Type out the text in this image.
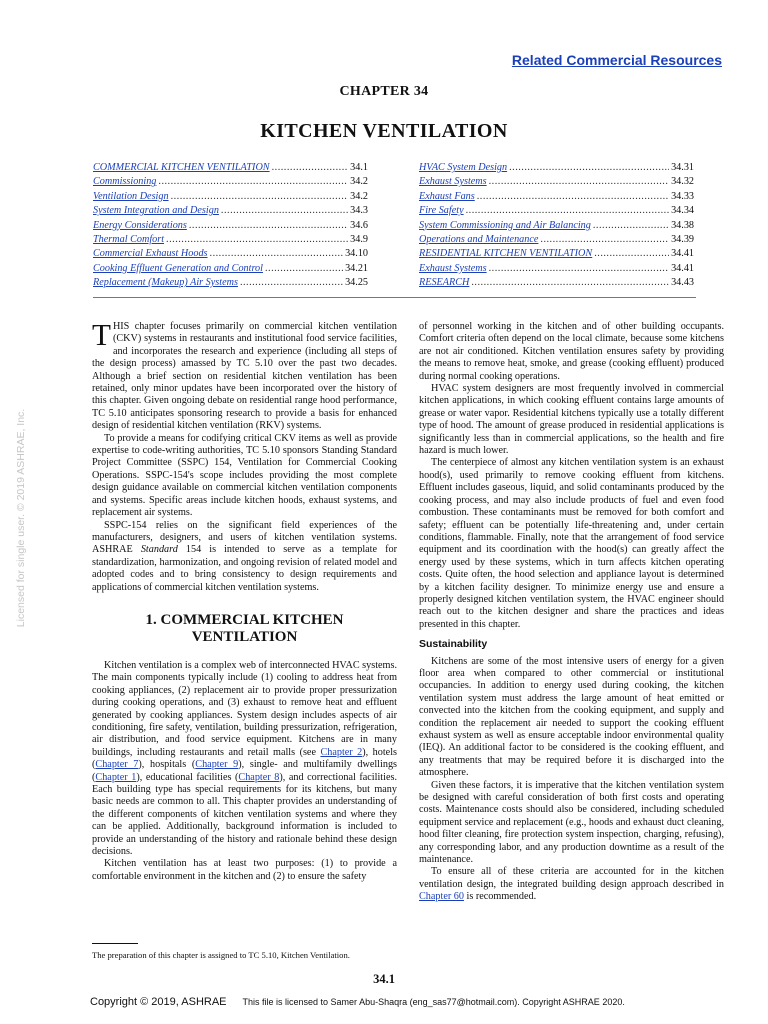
Related Commercial Resources
CHAPTER 34
KITCHEN VENTILATION
COMMERCIAL KITCHEN VENTILATION .....	34.1
Commissioning .....	34.2
Ventilation Design .....	34.2
System Integration and Design .....	34.3
Energy Considerations .....	34.6
Thermal Comfort .....	34.9
Commercial Exhaust Hoods .....	34.10
Cooking Effluent Generation and Control .....	34.21
Replacement (Makeup) Air Systems .....	34.25
HVAC System Design .....	34.31
Exhaust Systems .....	34.32
Exhaust Fans .....	34.33
Fire Safety .....	34.34
System Commissioning and Air Balancing .....	34.38
Operations and Maintenance .....	34.39
RESIDENTIAL KITCHEN VENTILATION .....	34.41
Exhaust Systems .....	34.41
RESEARCH .....	34.43

THIS chapter focuses primarily on commercial kitchen ventilation (CKV) systems in restaurants and institutional food service facilities, and incorporates the research and experience (including all steps of the design process) amassed by TC 5.10 over the past two decades. Although a brief section on residential kitchen ventilation has been retained, only minor updates have been incorporated over the history of this chapter. Given ongoing debate on residential range hood performance, TC 5.10 anticipates sponsoring research to provide a basis for enhanced design of residential kitchen ventilation (RKV) systems.

To provide a means for codifying critical CKV items as well as provide expertise to code-writing authorities, TC 5.10 sponsors Standing Standard Project Committee (SSPC) 154, Ventilation for Commercial Cooking Operations. SSPC-154's scope includes providing the most complete design guidance available on commercial kitchen ventilation components and systems. Specific areas include kitchen hoods, exhaust systems, and replacement air systems.

SSPC-154 relies on the significant field experiences of the manufacturers, designers, and users of kitchen ventilation systems. ASHRAE Standard 154 is intended to serve as a template for standardization, harmonization, and ongoing revision of related model and adopted codes and to bring consistency to design requirements and applications of commercial kitchen ventilation systems.

1. COMMERCIAL KITCHEN VENTILATION

Kitchen ventilation is a complex web of interconnected HVAC systems. The main components typically include (1) cooling to address heat from cooking appliances, (2) replacement air to provide proper pressurization during cooking operations, and (3) exhaust to remove heat and effluent generated by cooking appliances. System design includes aspects of air conditioning, fire safety, ventilation, building pressurization, refrigeration, air distribution, and food service equipment. Kitchens are in many buildings, including restaurants and retail malls (see Chapter 2), hotels (Chapter 7), hospitals (Chapter 9), single- and multifamily dwellings (Chapter 1), educational facilities (Chapter 8), and correctional facilities. Each building type has special requirements for its kitchens, but many basic needs are common to all. This chapter provides an understanding of the different components of kitchen ventilation systems and where they can be applied. Additionally, background information is included to provide an understanding of the history and rationale behind these design decisions.

Kitchen ventilation has at least two purposes: (1) to provide a comfortable environment in the kitchen and (2) to ensure the safety

of personnel working in the kitchen and of other building occupants. Comfort criteria often depend on the local climate, because some kitchens are not air conditioned. Kitchen ventilation ensures safety by providing the means to remove heat, smoke, and grease (cooking effluent) produced during normal cooking operations.

HVAC system designers are most frequently involved in commercial kitchen applications, in which cooking effluent contains large amounts of grease or water vapor. Residential kitchens typically use a totally different type of hood. The amount of grease produced in residential applications is significantly less than in commercial applications, so the health and fire hazard is much lower.

The centerpiece of almost any kitchen ventilation system is an exhaust hood(s), used primarily to remove cooking effluent from kitchens. Effluent includes gaseous, liquid, and solid contaminants produced by the cooking process, and may also include products of fuel and even food combustion. These contaminants must be removed for both comfort and safety; effluent can be potentially life-threatening and, under certain conditions, flammable. Finally, note that the arrangement of food service equipment and its coordination with the hood(s) can greatly affect the energy used by these systems, which in turn affects kitchen operating costs. Quite often, the hood selection and appliance layout is determined by a kitchen facility designer. To minimize energy use and ensure a properly designed kitchen ventilation system, the HVAC engineer should reach out to the kitchen designer and share the practices and ideas presented in this chapter.

Sustainability

Kitchens are some of the most intensive users of energy for a given floor area when compared to other commercial or institutional occupancies. In addition to energy used during cooking, the kitchen ventilation system must address the large amount of heat emitted or convected into the kitchen from the cooking equipment, and supply and condition the replacement air needed to support the cooking effluent exhaust system as well as ensure acceptable indoor environmental quality (IEQ). An additional factor to be considered is the cooking effluent, and any treatments that may be required before it is discharged into the atmosphere.

Given these factors, it is imperative that the kitchen ventilation system be designed with careful consideration of both first costs and operating costs. Maintenance costs should also be considered, including scheduled equipment service and replacement (e.g., hoods and exhaust duct cleaning, hood filter cleaning, fire protection system inspection, charging, refusing), any corresponding labor, and any production downtime as a result of the maintenance.

To ensure all of these criteria are accounted for in the kitchen ventilation design, the integrated building design approach described in Chapter 60 is recommended.

The preparation of this chapter is assigned to TC 5.10, Kitchen Ventilation.
34.1
Copyright © 2019, ASHRAE This file is licensed to Samer Abu-Shaqra (eng_sas77@hotmail.com). Copyright ASHRAE 2020.
Licensed for single user. © 2019 ASHRAE, Inc.
